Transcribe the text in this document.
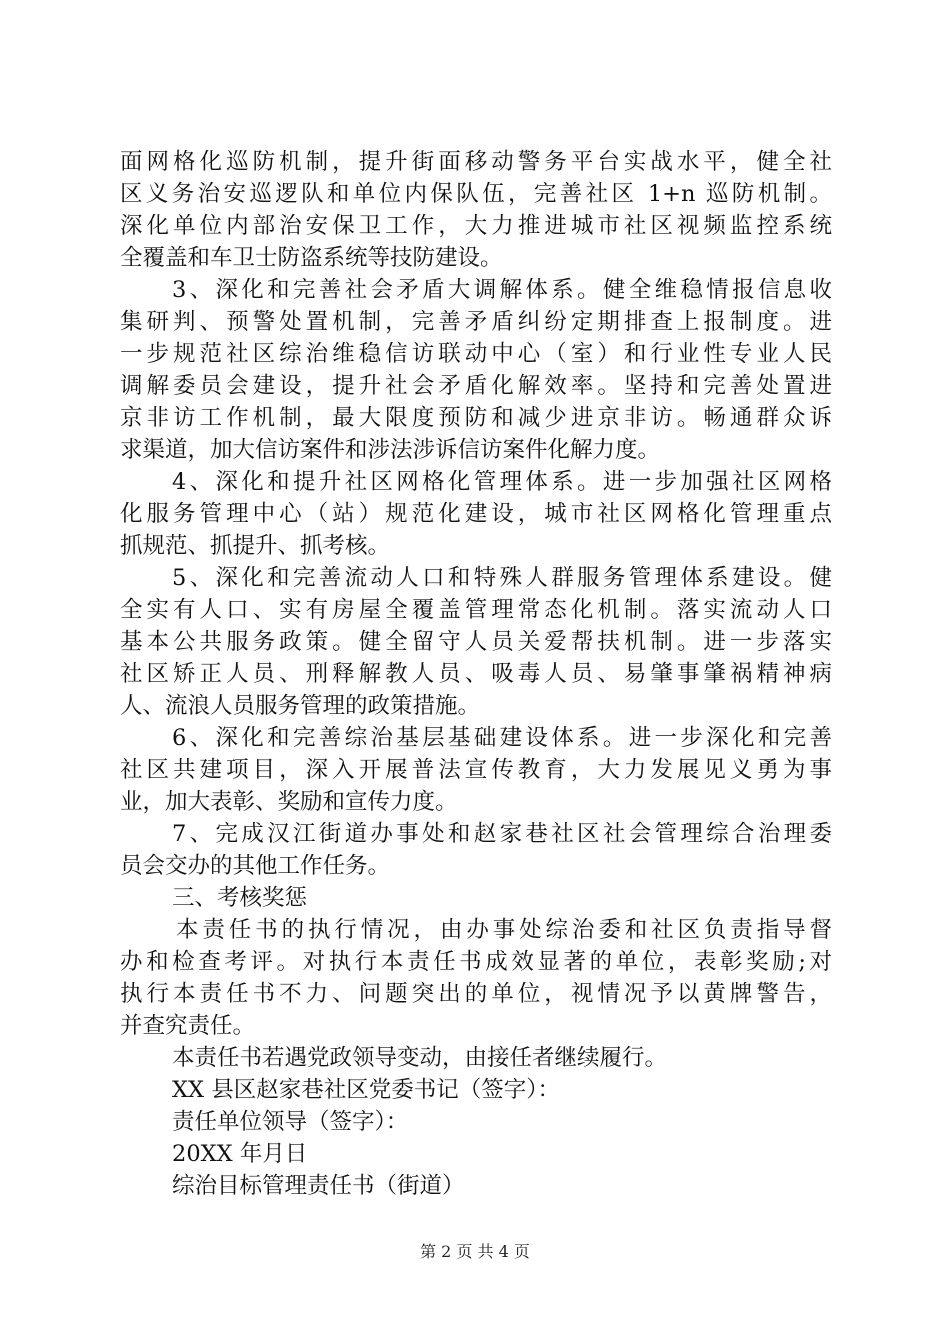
面网格化巡防机制，提升街面移动警务平台实战水平，健全社
区义务治安巡逻队和单位内保队伍，完善社区 1+n 巡防机制。
深化单位内部治安保卫工作，大力推进城市社区视频监控系统
全覆盖和车卫士防盗系统等技防建设。
3、深化和完善社会矛盾大调解体系。健全维稳情报信息收
集研判、预警处置机制，完善矛盾纠纷定期排查上报制度。进
一步规范社区综治维稳信访联动中心（室）和行业性专业人民
调解委员会建设，提升社会矛盾化解效率。坚持和完善处置进
京非访工作机制，最大限度预防和减少进京非访。畅通群众诉
求渠道，加大信访案件和涉法涉诉信访案件化解力度。
4、深化和提升社区网格化管理体系。进一步加强社区网格
化服务管理中心（站）规范化建设，城市社区网格化管理重点
抓规范、抓提升、抓考核。
5、深化和完善流动人口和特殊人群服务管理体系建设。健
全实有人口、实有房屋全覆盖管理常态化机制。落实流动人口
基本公共服务政策。健全留守人员关爱帮扶机制。进一步落实
社区矫正人员、刑释解教人员、吸毒人员、易肇事肇祸精神病
人、流浪人员服务管理的政策措施。
6、深化和完善综治基层基础建设体系。进一步深化和完善
社区共建项目，深入开展普法宣传教育，大力发展见义勇为事
业，加大表彰、奖励和宣传力度。
7、完成汉江街道办事处和赵家巷社区社会管理综合治理委
员会交办的其他工作任务。
三、考核奖惩
本责任书的执行情况，由办事处综治委和社区负责指导督
办和检查考评。对执行本责任书成效显著的单位，表彰奖励;对
执行本责任书不力、问题突出的单位，视情况予以黄牌警告，
并查究责任。
本责任书若遇党政领导变动，由接任者继续履行。
XX 县区赵家巷社区党委书记（签字）：
责任单位领导（签字）：
20XX 年月日
综治目标管理责任书（街道）
第 2 页 共 4 页
